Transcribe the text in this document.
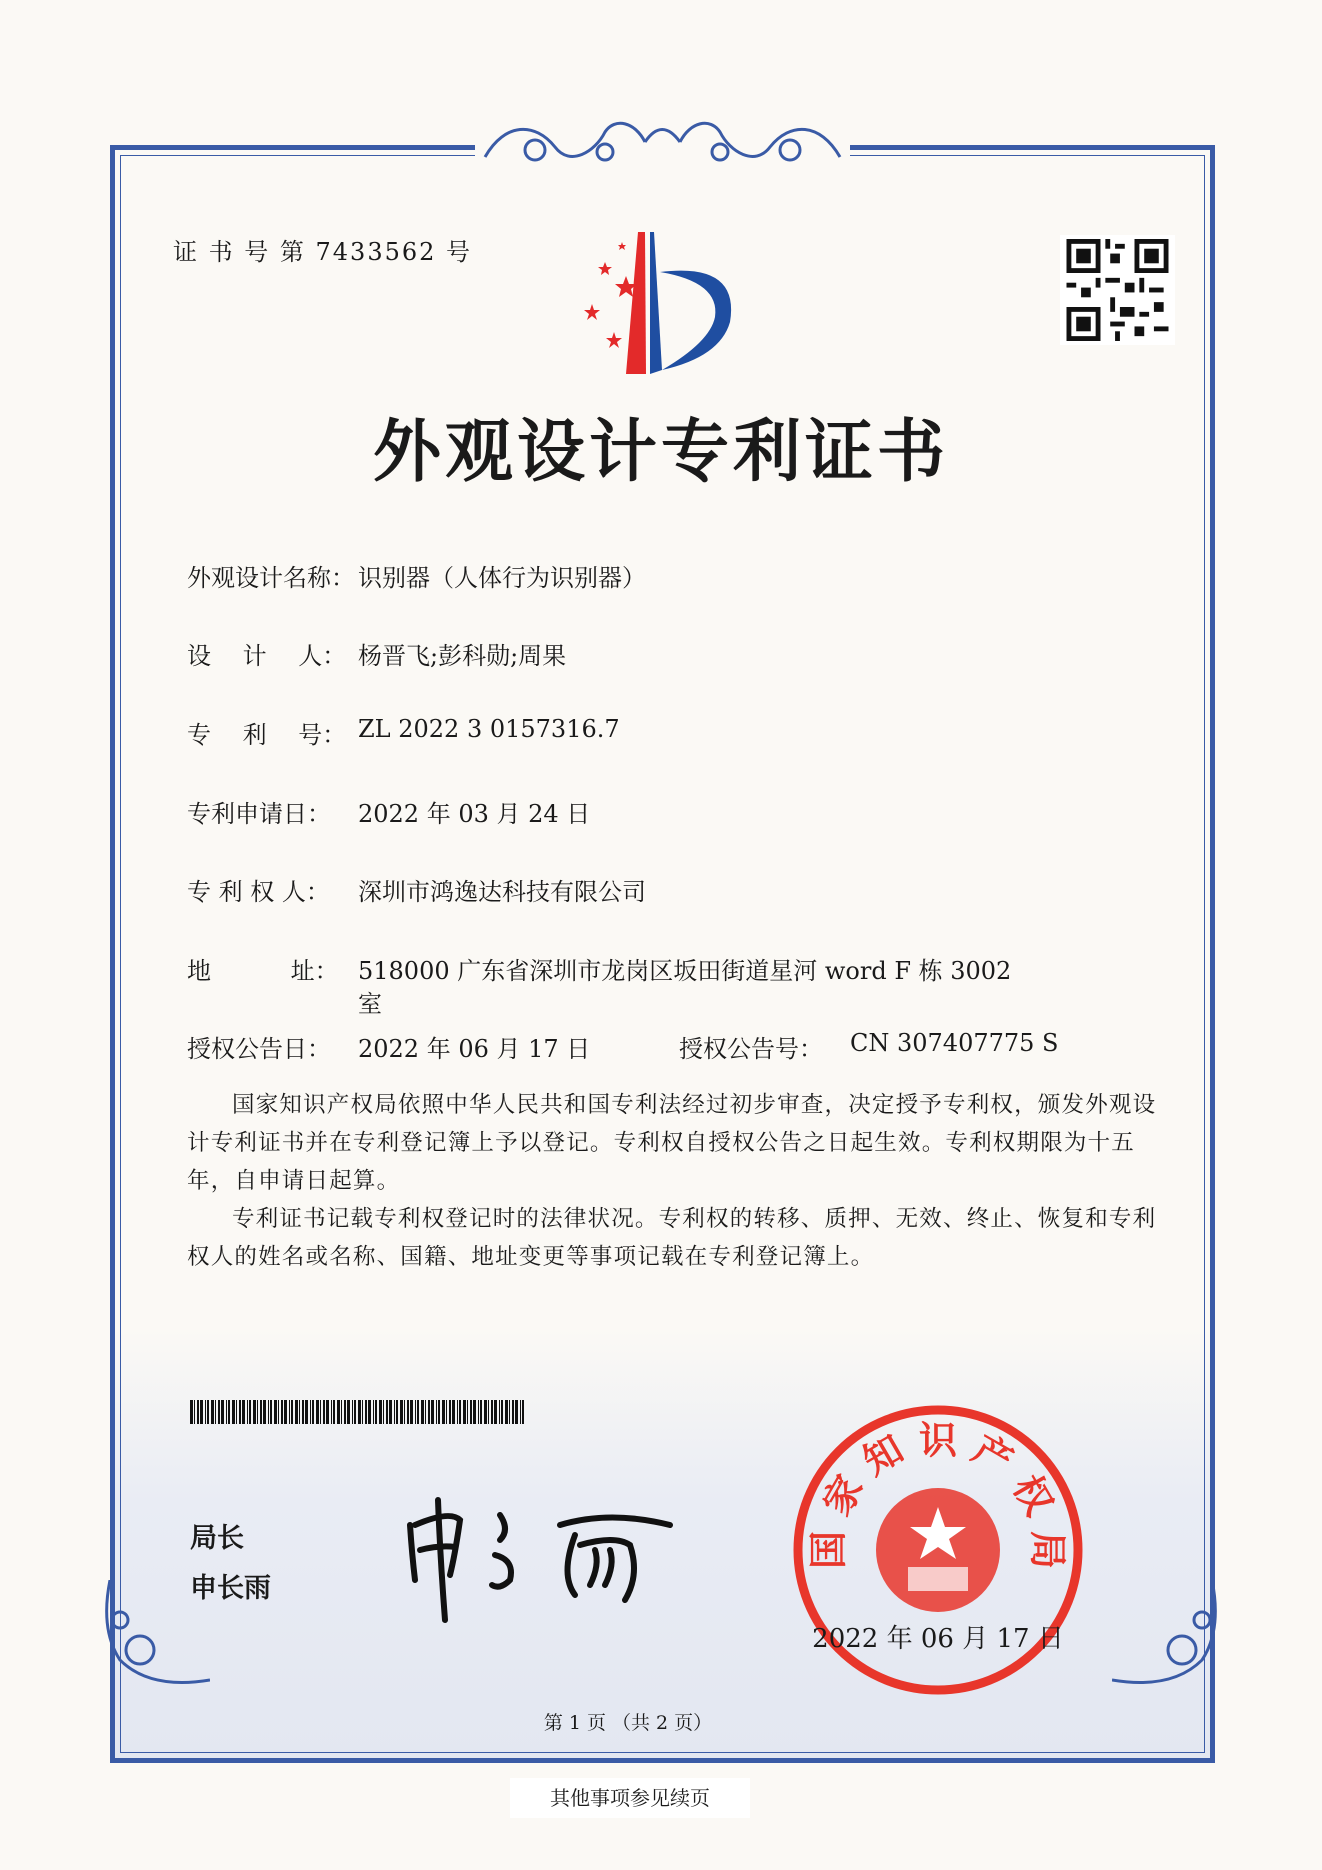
证 书 号 第 7433562 号
外观设计专利证书
外观设计名称： 识别器（人体行为识别器）
设　 计　 人： 杨晋飞;彭科勋;周果
专　 利　 号： ZL 2022 3 0157316.7
专利申请日： 2022 年 03 月 24 日
专 利 权 人： 深圳市鸿逸达科技有限公司
地　　　 址： 518000 广东省深圳市龙岗区坂田街道星河 word F 栋 3002
室
授权公告日： 2022 年 06 月 17 日	授权公告号： CN 307407775 S

国家知识产权局依照中华人民共和国专利法经过初步审查，决定授予专利权，颁发外观设计专利证书并在专利登记簿上予以登记。专利权自授权公告之日起生效。专利权期限为十五年，自申请日起算。

专利证书记载专利权登记时的法律状况。专利权的转移、质押、无效、终止、恢复和专利权人的姓名或名称、国籍、地址变更等事项记载在专利登记簿上。

局长
申长雨
国
家
知 识 产
权
局
2022 年 06 月 17 日
第 1 页 （共 2 页）
其他事项参见续页
